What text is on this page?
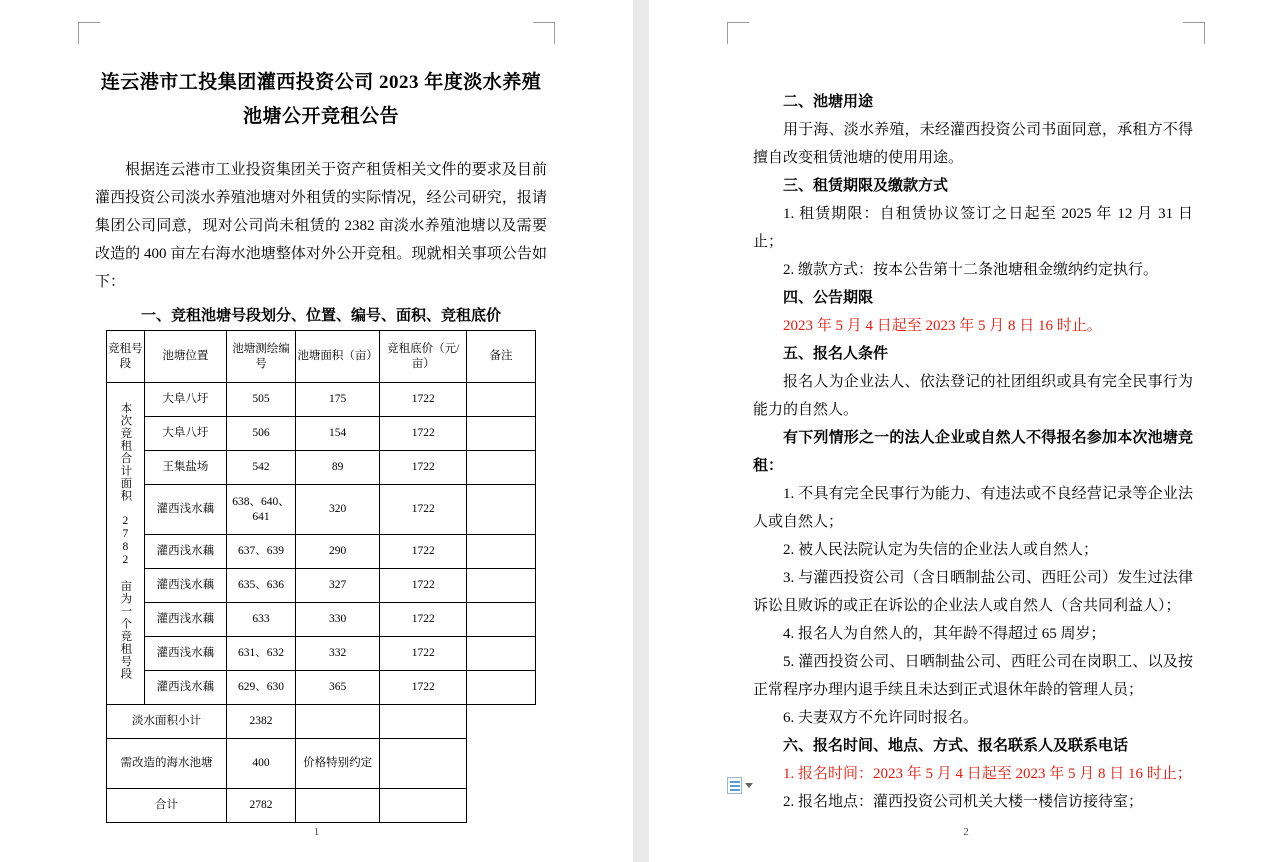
连云港市工投集团灌西投资公司 2023 年度淡水养殖
池塘公开竞租公告

根据连云港市工业投资集团关于资产租赁相关文件的要求及目前灌西投资公司淡水养殖池塘对外租赁的实际情况，经公司研究，报请集团公司同意，现对公司尚未租赁的 2382 亩淡水养殖池塘以及需要改造的 400 亩左右海水池塘整体对外公开竞租。现就相关事项公告如下：

一、竞租池塘号段划分、位置、编号、面积、竞租底价

竞租号段	池塘位置	池塘测绘编号	池塘面积（亩）	竞租底价（元/亩）	备注
本次竞租合计面积 2782 亩为一个竞租号段	大阜八圩	505	175	1722	
	大阜八圩	506	154	1722	
	王集盐场	542	89	1722	
	灌西浅水藕	638、640、641	320	1722	
	灌西浅水藕	637、639	290	1722	
	灌西浅水藕	635、636	327	1722	
	灌西浅水藕	633	330	1722	
	灌西浅水藕	631、632	332	1722	
	灌西浅水藕	629、630	365	1722	
淡水面积小计		2382			
需改造的海水池塘		400	价格特别约定		
合计		2782			
1

二、池塘用途

用于海、淡水养殖，未经灌西投资公司书面同意，承租方不得擅自改变租赁池塘的使用用途。

三、租赁期限及缴款方式

1. 租赁期限：自租赁协议签订之日起至 2025 年 12 月 31 日止；

2. 缴款方式：按本公告第十二条池塘租金缴纳约定执行。

四、公告期限

2023 年 5 月 4 日起至 2023 年 5 月 8 日 16 时止。

五、报名人条件

报名人为企业法人、依法登记的社团组织或具有完全民事行为能力的自然人。

有下列情形之一的法人企业或自然人不得报名参加本次池塘竞租：

1. 不具有完全民事行为能力、有违法或不良经营记录等企业法人或自然人；

2. 被人民法院认定为失信的企业法人或自然人；

3. 与灌西投资公司（含日晒制盐公司、西旺公司）发生过法律诉讼且败诉的或正在诉讼的企业法人或自然人（含共同利益人）；

4. 报名人为自然人的，其年龄不得超过 65 周岁；

5. 灌西投资公司、日晒制盐公司、西旺公司在岗职工、以及按正常程序办理内退手续且未达到正式退休年龄的管理人员；

6. 夫妻双方不允许同时报名。

六、报名时间、地点、方式、报名联系人及联系电话

1. 报名时间：2023 年 5 月 4 日起至 2023 年 5 月 8 日 16 时止；

2. 报名地点：灌西投资公司机关大楼一楼信访接待室；

2
